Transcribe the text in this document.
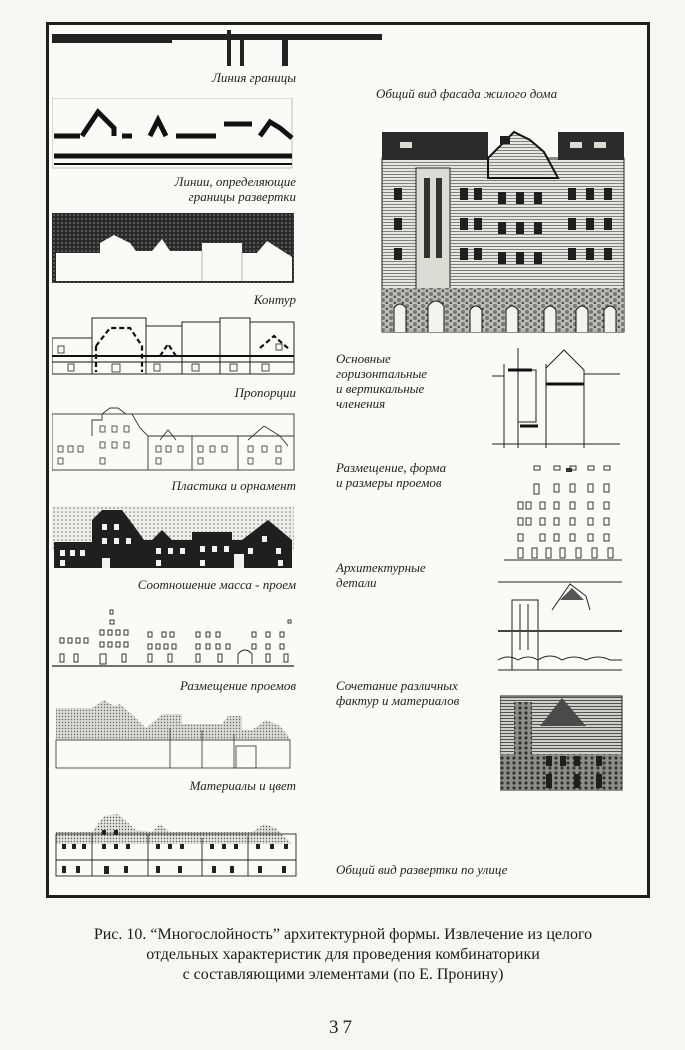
Линия границы
Линии, определяющие
границы развертки
Контур
Пропорции
Пластика и орнамент
Соотношение масса - проем
Размещение проемов
Материалы и цвет
Общий вид фасада жилого дома
Основные
горизонтальные
и вертикальные
членения
Размещение, форма
и размеры проемов
Архитектурные
детали
Сочетание различных
фактур и материалов
Общий вид развертки по улице
Рис. 10. “Многослойность” архитектурной формы. Извлечение из целого
отдельных характеристик для проведения комбинаторики
с составляющими элементами (по Е. Пронину)
37
